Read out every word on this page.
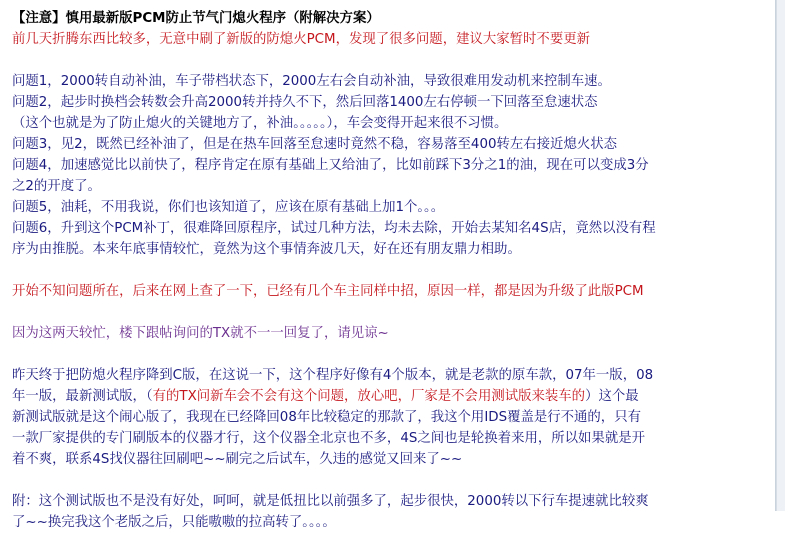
【注意】慎用最新版PCM防止节气门熄火程序（附解决方案）
前几天折腾东西比较多，无意中刷了新版的防熄火PCM，发现了很多问题，建议大家暂时不要更新
问题1，2000转自动补油，车子带档状态下，2000左右会自动补油，导致很难用发动机来控制车速。
问题2，起步时换档会转数会升高2000转并持久不下，然后回落1400左右停顿一下回落至怠速状态
（这个也就是为了防止熄火的关键地方了，补油。。。。。），车会变得开起来很不习惯。
问题3，见2，既然已经补油了，但是在热车回落至怠速时竟然不稳，容易落至400转左右接近熄火状态
问题4，加速感觉比以前快了，程序肯定在原有基础上又给油了，比如前踩下3分之1的油，现在可以变成3分
之2的开度了。
问题5，油耗，不用我说，你们也该知道了，应该在原有基础上加1个。。。
问题6，升到这个PCM补丁，很难降回原程序，试过几种方法，均未去除，开始去某知名4S店，竟然以没有程
序为由推脱。本来年底事情较忙，竟然为这个事情奔波几天，好在还有朋友鼎力相助。
开始不知问题所在，后来在网上查了一下，已经有几个车主同样中招，原因一样，都是因为升级了此版PCM
因为这两天较忙，楼下跟帖询问的TX就不一一回复了，请见谅~
昨天终于把防熄火程序降到C版，在这说一下，这个程序好像有4个版本，就是老款的原车款，07年一版，08
年一版，最新测试版，（有的TX问新车会不会有这个问题，放心吧，厂家是不会用测试版来装车的）这个最
新测试版就是这个闹心版了，我现在已经降回08年比较稳定的那款了，我这个用IDS覆盖是行不通的，只有
一款厂家提供的专门刷版本的仪器才行，这个仪器全北京也不多，4S之间也是轮换着来用，所以如果就是开
着不爽，联系4S找仪器往回刷吧~~刷完之后试车，久违的感觉又回来了~~
附：这个测试版也不是没有好处，呵呵，就是低扭比以前强多了，起步很快，2000转以下行车提速就比较爽
了~~换完我这个老版之后，只能嗷嗷的拉高转了。。。。
